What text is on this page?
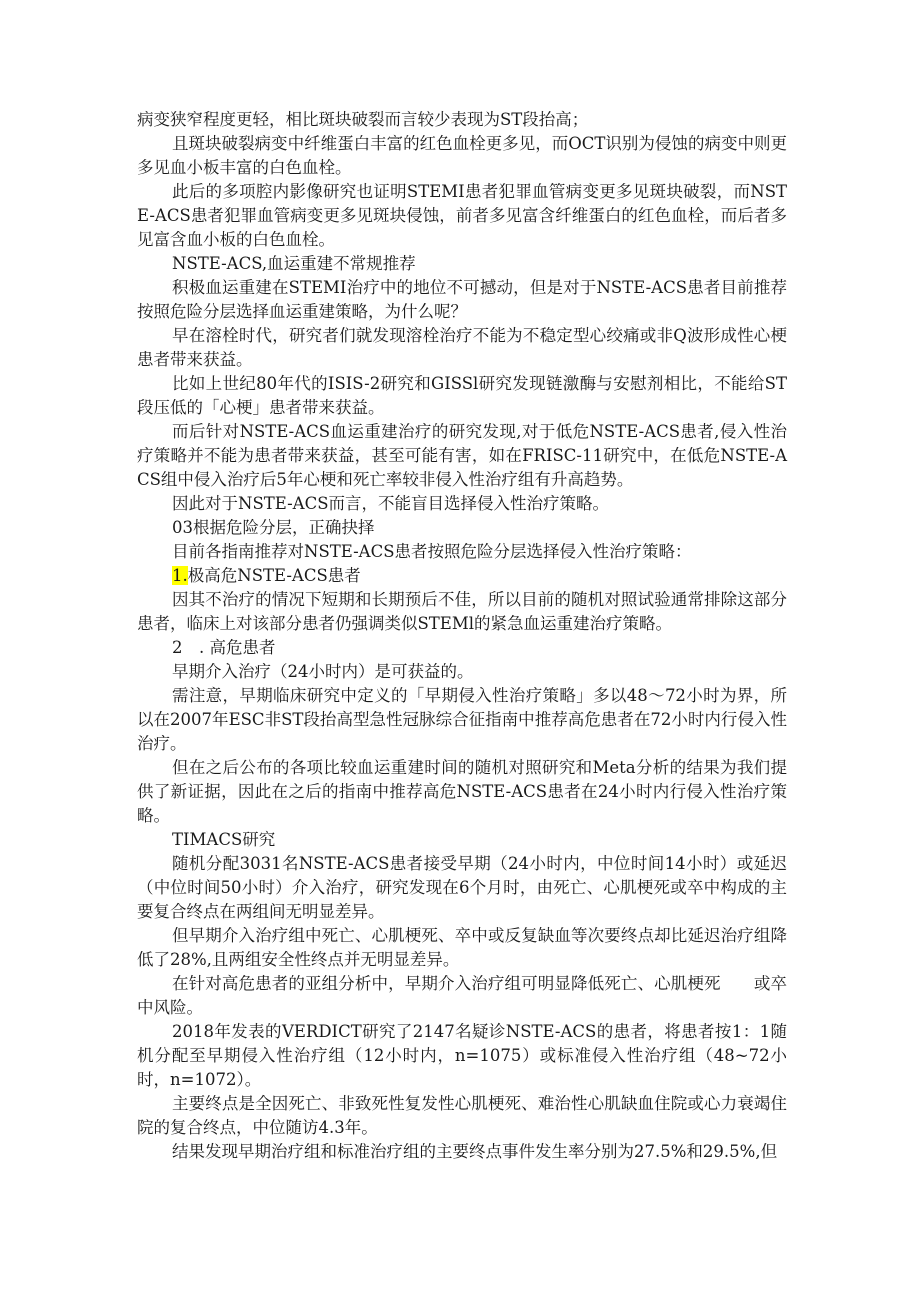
病变狭窄程度更轻，相比斑块破裂而言较少表现为ST段抬高；

且斑块破裂病变中纤维蛋白丰富的红色血栓更多见，而OCT识别为侵蚀的病变中则更多见血小板丰富的白色血栓。

此后的多项腔内影像研究也证明STEMI患者犯罪血管病变更多见斑块破裂，而NSTE-ACS患者犯罪血管病变更多见斑块侵蚀，前者多见富含纤维蛋白的红色血栓，而后者多见富含血小板的白色血栓。

NSTE-ACS,血运重建不常规推荐

积极血运重建在STEMI治疗中的地位不可撼动，但是对于NSTE-ACS患者目前推荐按照危险分层选择血运重建策略，为什么呢？

早在溶栓时代，研究者们就发现溶栓治疗不能为不稳定型心绞痛或非Q波形成性心梗患者带来获益。

比如上世纪80年代的ISIS-2研究和GISSl研究发现链激酶与安慰剂相比，不能给ST段压低的「心梗」患者带来获益。

而后针对NSTE-ACS血运重建治疗的研究发现,对于低危NSTE-ACS患者,侵入性治疗策略并不能为患者带来获益，甚至可能有害，如在FRISC-11研究中，在低危NSTE-ACS组中侵入治疗后5年心梗和死亡率较非侵入性治疗组有升高趋势。

因此对于NSTE-ACS而言，不能盲目选择侵入性治疗策略。

03根据危险分层，正确抉择

目前各指南推荐对NSTE-ACS患者按照危险分层选择侵入性治疗策略：

1.极高危NSTE-ACS患者

因其不治疗的情况下短期和长期预后不佳，所以目前的随机对照试验通常排除这部分患者，临床上对该部分患者仍强调类似STEMl的紧急血运重建治疗策略。

2　. 高危患者

早期介入治疗（24小时内）是可获益的。

需注意，早期临床研究中定义的「早期侵入性治疗策略」多以48～72小时为界，所以在2007年ESC非ST段抬高型急性冠脉综合征指南中推荐高危患者在72小时内行侵入性治疗。

但在之后公布的各项比较血运重建时间的随机对照研究和Meta分析的结果为我们提供了新证据，因此在之后的指南中推荐高危NSTE-ACS患者在24小时内行侵入性治疗策略。

TIMACS研究

随机分配3031名NSTE-ACS患者接受早期（24小时内，中位时间14小时）或延迟（中位时间50小时）介入治疗，研究发现在6个月时，由死亡、心肌梗死或卒中构成的主要复合终点在两组间无明显差异。

但早期介入治疗组中死亡、心肌梗死、卒中或反复缺血等次要终点却比延迟治疗组降低了28%,且两组安全性终点并无明显差异。

在针对高危患者的亚组分析中，早期介入治疗组可明显降低死亡、心肌梗死　　或卒中风险。

2018年发表的VERDICT研究了2147名疑诊NSTE-ACS的患者，将患者按1：1随机分配至早期侵入性治疗组（12小时内，n=1075）或标准侵入性治疗组（48~72小时，n=1072）。

主要终点是全因死亡、非致死性复发性心肌梗死、难治性心肌缺血住院或心力衰竭住院的复合终点，中位随访4.3年。

结果发现早期治疗组和标准治疗组的主要终点事件发生率分别为27.5%和29.5%,但
